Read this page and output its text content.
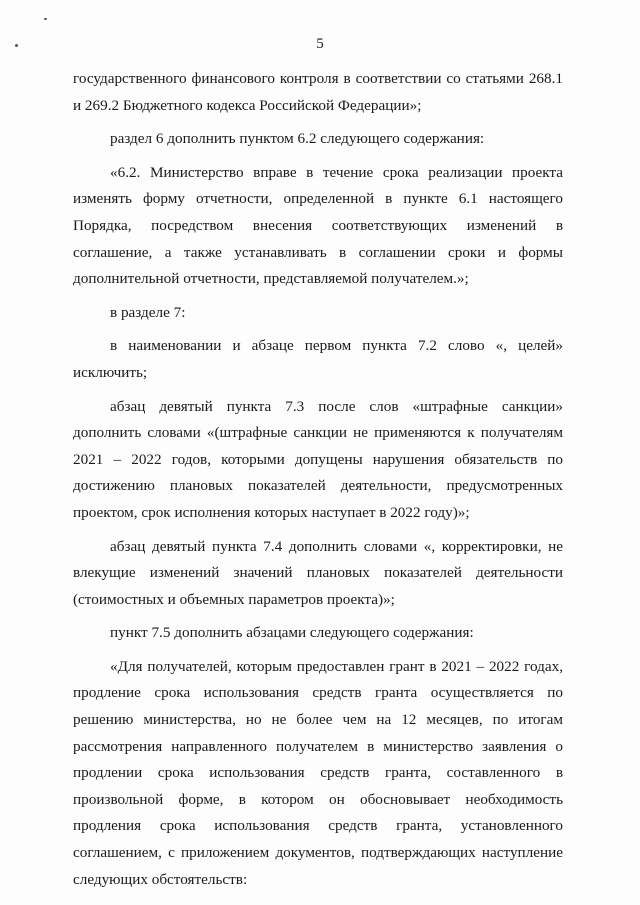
5

государственного финансового контроля в соответствии со статьями 268.1 и 269.2 Бюджетного кодекса Российской Федерации»;

раздел 6 дополнить пунктом 6.2 следующего содержания:

«6.2. Министерство вправе в течение срока реализации проекта изменять форму отчетности, определенной в пункте 6.1 настоящего Порядка, посредством внесения соответствующих изменений в соглашение, а также устанавливать в соглашении сроки и формы дополнительной отчетности, представляемой получателем.»;

в разделе 7:

в наименовании и абзаце первом пункта 7.2 слово «, целей» исключить;

абзац девятый пункта 7.3 после слов «штрафные санкции» дополнить словами «(штрафные санкции не применяются к получателям 2021 – 2022 годов, которыми допущены нарушения обязательств по достижению плановых показателей деятельности, предусмотренных проектом, срок исполнения которых наступает в 2022 году)»;

абзац девятый пункта 7.4 дополнить словами «, корректировки, не влекущие изменений значений плановых показателей деятельности (стоимостных и объемных параметров проекта)»;

пункт 7.5 дополнить абзацами следующего содержания:

«Для получателей, которым предоставлен грант в 2021 – 2022 годах, продление срока использования средств гранта осуществляется по решению министерства, но не более чем на 12 месяцев, по итогам рассмотрения направленного получателем в министерство заявления о продлении срока использования средств гранта, составленного в произвольной форме, в котором он обосновывает необходимость продления срока использования средств гранта, установленного соглашением, с приложением документов, подтверждающих наступление следующих обстоятельств:
